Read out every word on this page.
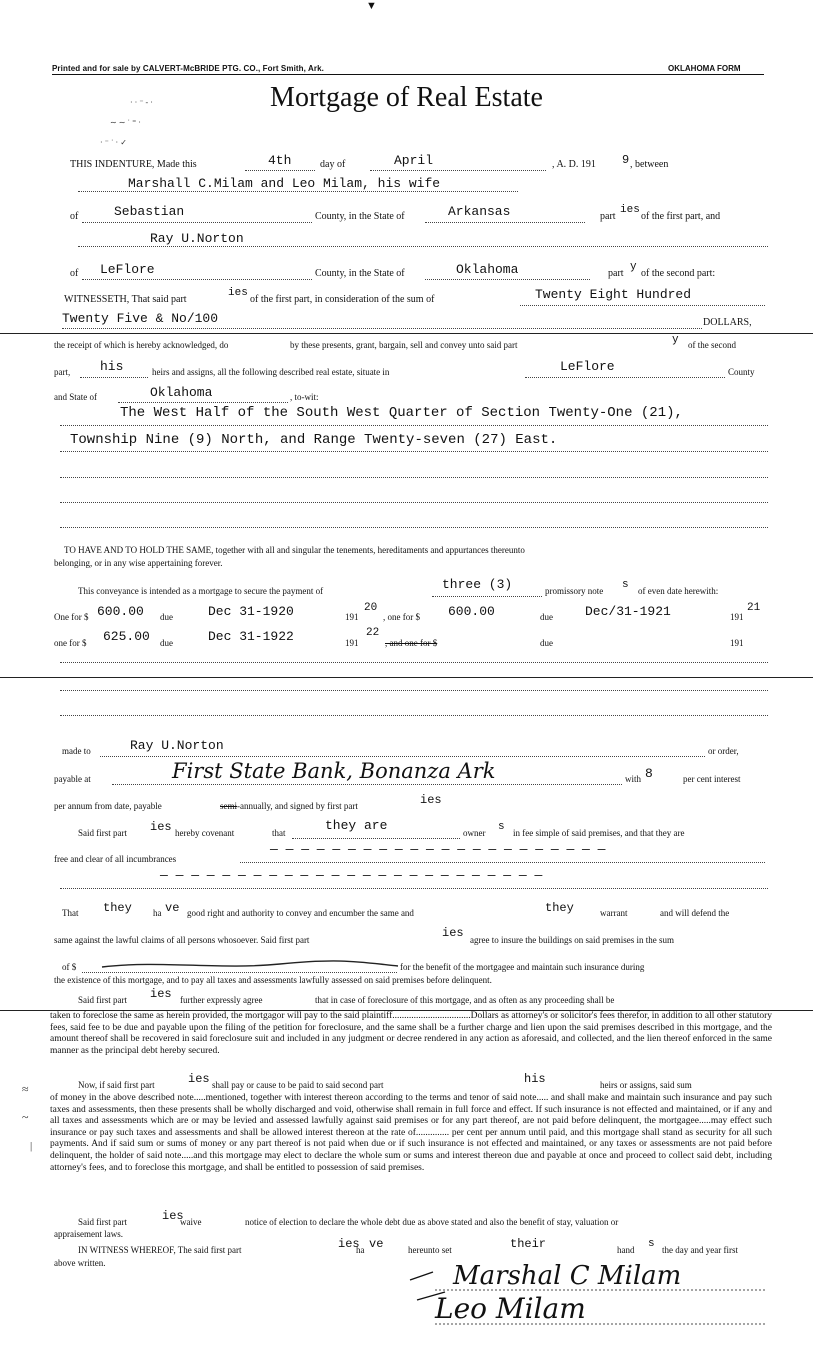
▼
Printed and for sale by CALVERT-McBRIDE PTG. CO., Fort Smith, Ark.	OKLAHOMA FORM
Mortgage of Real Estate
· · ⁻ - ·
∼ ∼ ˙ ⁼ ·
· ⁻ ˙ · ✓
THIS INDENTURE, Made this	4th	day of	April	, A. D. 191 9 , between
Marshall C.Milam and Leo Milam, his wife
of	Sebastian	County, in the State of	Arkansas	part
ies
of the first part, and
Ray U.Norton
of LeFlore	County, in the State of	Oklahoma	part
y
of the second part:
WITNESSETH, That said part
ies
of the first part, in consideration of the sum of	Twenty Eight Hundred
Twenty Five & No/100	DOLLARS,
the receipt of which is hereby acknowledged, do	by these presents, grant, bargain, sell and convey unto said part	y of the second
part, his	heirs and assigns, all the following described real estate, situate in	LeFlore	County
and State of	Oklahoma	, to-wit:
The West Half of the South West Quarter of Section Twenty-One (21),
Township Nine (9) North, and Range Twenty-seven (27) East.
TO HAVE AND TO HOLD THE SAME, together with all and singular the tenements, hereditaments and appurtances thereunto
belonging, or in any wise appertaining forever.
This conveyance is intended as a mortgage to secure the payment of	three (3)	promissory note s of even date herewith:
One for $ 600.00 due	Dec 31-1920	191
20
, one for $ 600.00	due Dec/31-1921	191
21
one for $ 625.00 due	Dec 31-1922	191
22
, and one for $	due	191
made to	Ray U.Norton	or order,
payable at	First State Bank, Bonanza Ark	with 8	per cent interest
per annum from date, payable	semi -annually, and signed by first part	ies
Said first part ies hereby covenant	that	they are	owner s in fee simple of said premises, and that they are
free and clear of all incumbrances
— — — — — — — — — — — — — — — — — — — — — —
— — — — — — — — — — — — — — — — — — — — — — — — —
That they ha ve good right and authority to convey and encumber the same and	they	warrant	and will defend the
same against the lawful claims of all persons whosoever. Said first part	ies agree to insure the buildings on said premises in the sum
of $	for the benefit of the mortgagee and maintain such insurance during
the existence of this mortgage, and to pay all taxes and assessments lawfully assessed on said premises before delinquent.
Said first part ies further expressly agree	that in case of foreclosure of this mortgage, and as often as any proceeding shall be
taken to foreclose the same as herein provided, the mortgagor will pay to the said plaintiff.................................Dollars as attorney's or solicitor's fees therefor, in addition to all other statutory fees, said fee to be due and payable upon the filing of the petition for foreclosure, and the same shall be a further charge and lien upon the said premises described in this mortgage, and the amount thereof shall be recovered in said foreclosure suit and included in any judgment or decree rendered in any action as aforesaid, and collected, and the lien thereof enforced in the same manner as the principal debt hereby secured.
Now, if said first part	ies shall pay or cause to be paid to said second part	his	heirs or assigns, said sum
of money in the above described note.....mentioned, together with interest thereon according to the terms and tenor of said note..... and shall make and maintain such insurance and pay such taxes and assessments, then these presents shall be wholly discharged and void, otherwise shall remain in full force and effect. If such insurance is not effected and maintained, or if any and all taxes and assessments which are or may be levied and assessed lawfully against said premises or for any part thereof, are not paid before delinquent, the mortgagee.....may effect such insurance or pay such taxes and assessments and shall be allowed interest thereon at the rate of.............. per cent per annum until paid, and this mortgage shall stand as security for all such payments. And if said sum or sums of money or any part thereof is not paid when due or if such insurance is not effected and maintained, or any taxes or assessments are not paid before delinquent, the holder of said note.....and this mortgage may elect to declare the whole sum or sums and interest thereon due and payable at once and proceed to collect said debt, including attorney's fees, and to foreclose this mortgage, and shall be entitled to possession of said premises.
≈
~
|
Said first part	ies
waive	notice of election to declare the whole debt due as above stated and also the benefit of stay, valuation or
appraisement laws.
IN WITNESS WHEREOF, The said first part	ies
ha ve	hereunto set	their	hand s the day and year first
above written.	Marshal C Milam
Leo Milam
